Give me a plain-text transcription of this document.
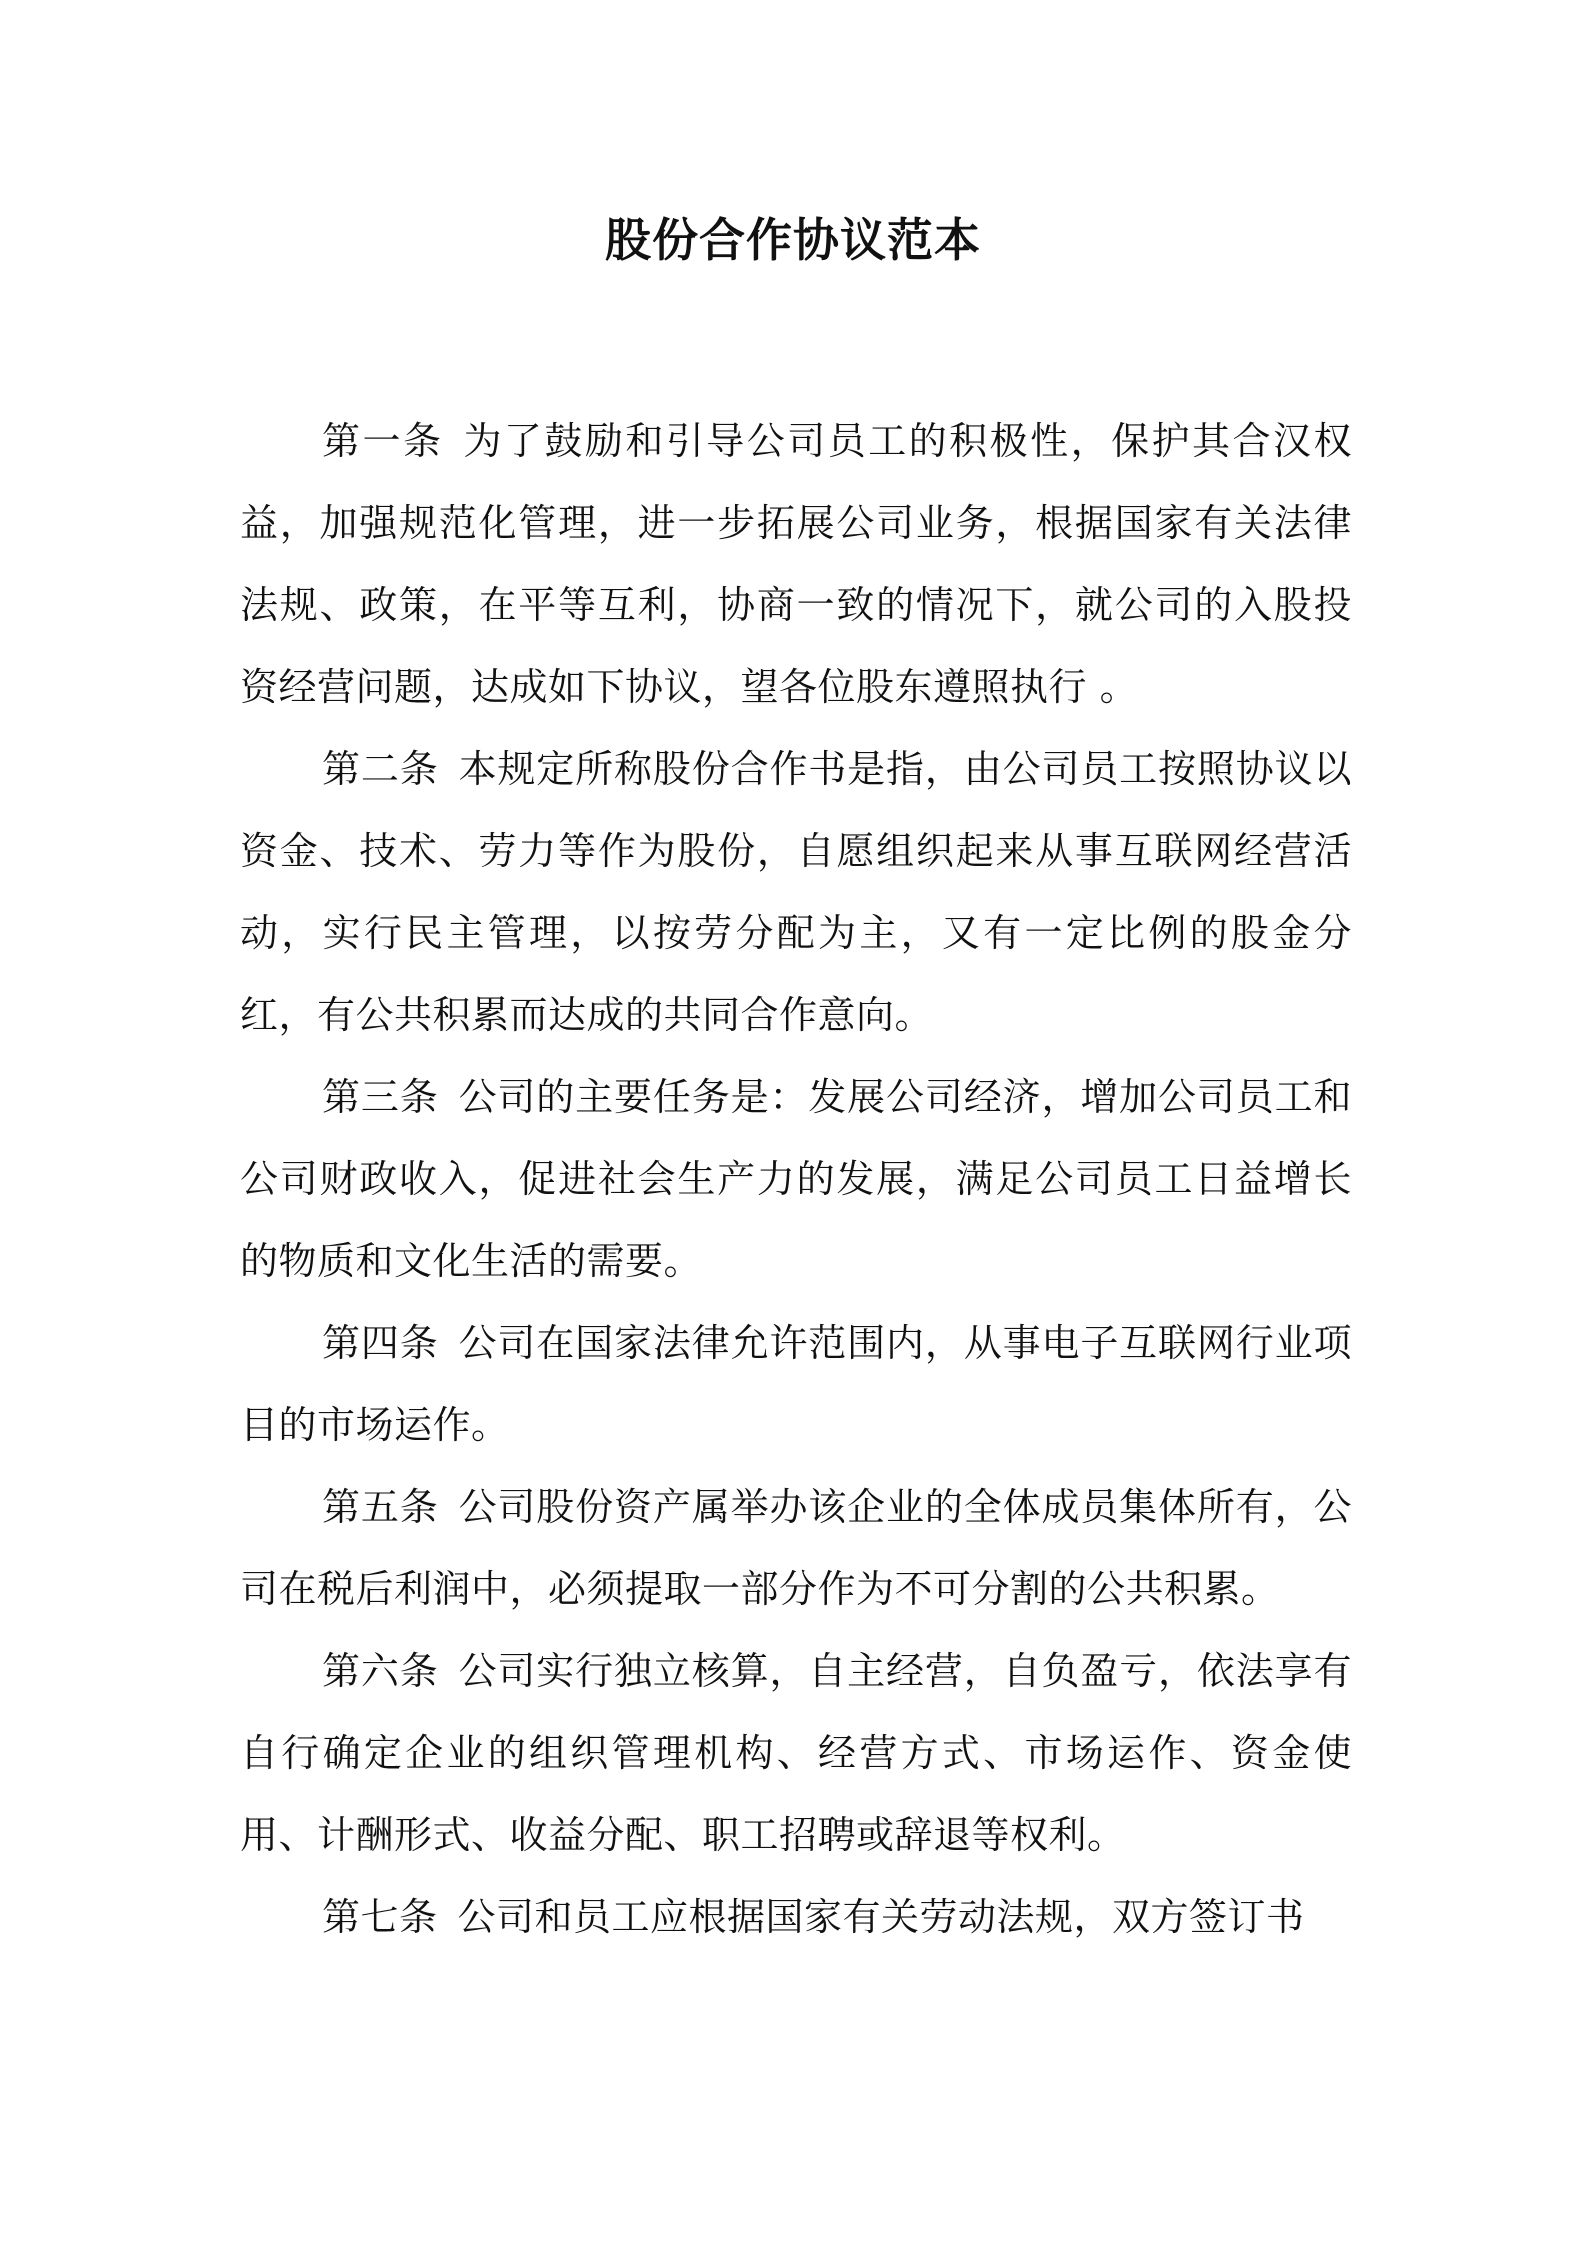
股份合作协议范本

第一条 为了鼓励和引导公司员工的积极性，保护其合汉权益，加强规范化管理，进一步拓展公司业务，根据国家有关法律法规、政策，在平等互利，协商一致的情况下，就公司的入股投资经营问题，达成如下协议，望各位股东遵照执行 。

第二条 本规定所称股份合作书是指，由公司员工按照协议以资金、技术、劳力等作为股份，自愿组织起来从事互联网经营活动，实行民主管理，以按劳分配为主，又有一定比例的股金分红，有公共积累而达成的共同合作意向。

第三条 公司的主要任务是：发展公司经济，增加公司员工和公司财政收入，促进社会生产力的发展，满足公司员工日益增长的物质和文化生活的需要。

第四条 公司在国家法律允许范围内，从事电子互联网行业项目的市场运作。

第五条 公司股份资产属举办该企业的全体成员集体所有，公司在税后利润中，必须提取一部分作为不可分割的公共积累。

第六条 公司实行独立核算，自主经营，自负盈亏，依法享有自行确定企业的组织管理机构、经营方式、市场运作、资金使用、计酬形式、收益分配、职工招聘或辞退等权利。

第七条 公司和员工应根据国家有关劳动法规，双方签订书
